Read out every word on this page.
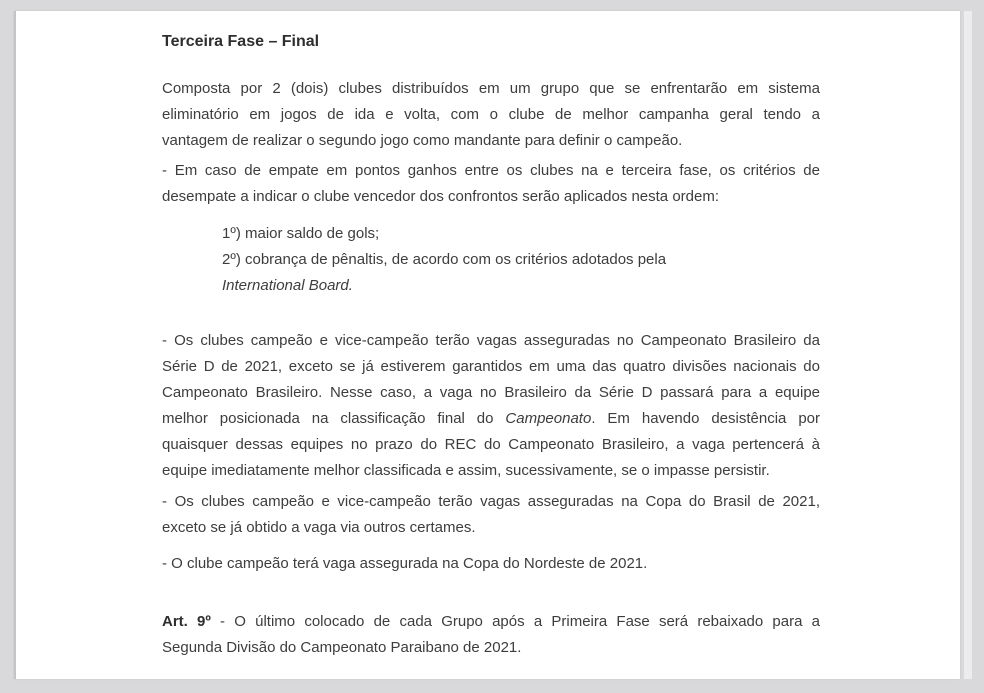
Terceira Fase – Final
Composta por 2 (dois) clubes distribuídos em um grupo que se enfrentarão em sistema
eliminatório em jogos de ida e volta, com o clube de melhor campanha geral tendo a
vantagem de realizar o segundo jogo como mandante para definir o campeão.
- Em caso de empate em pontos ganhos entre os clubes na e terceira fase, os critérios de
desempate a indicar o clube vencedor dos confrontos serão aplicados nesta ordem:
1º) maior saldo de gols;
2º) cobrança de pênaltis, de acordo com os critérios adotados pela
International Board.
- Os clubes campeão e vice-campeão terão vagas asseguradas no Campeonato Brasileiro da
Série D de 2021, exceto se já estiverem garantidos em uma das quatro divisões nacionais do
Campeonato Brasileiro. Nesse caso, a vaga no Brasileiro da Série D passará para a equipe
melhor posicionada na classificação final do Campeonato. Em havendo desistência por
quaisquer dessas equipes no prazo do REC do Campeonato Brasileiro, a vaga pertencerá à
equipe imediatamente melhor classificada e assim, sucessivamente, se o impasse persistir.
- Os clubes campeão e vice-campeão terão vagas asseguradas na Copa do Brasil de 2021,
exceto se já obtido a vaga via outros certames.
- O clube campeão terá vaga assegurada na Copa do Nordeste de 2021.
Art. 9º - O último colocado de cada Grupo após a Primeira Fase será rebaixado para a
Segunda Divisão do Campeonato Paraibano de 2021.
